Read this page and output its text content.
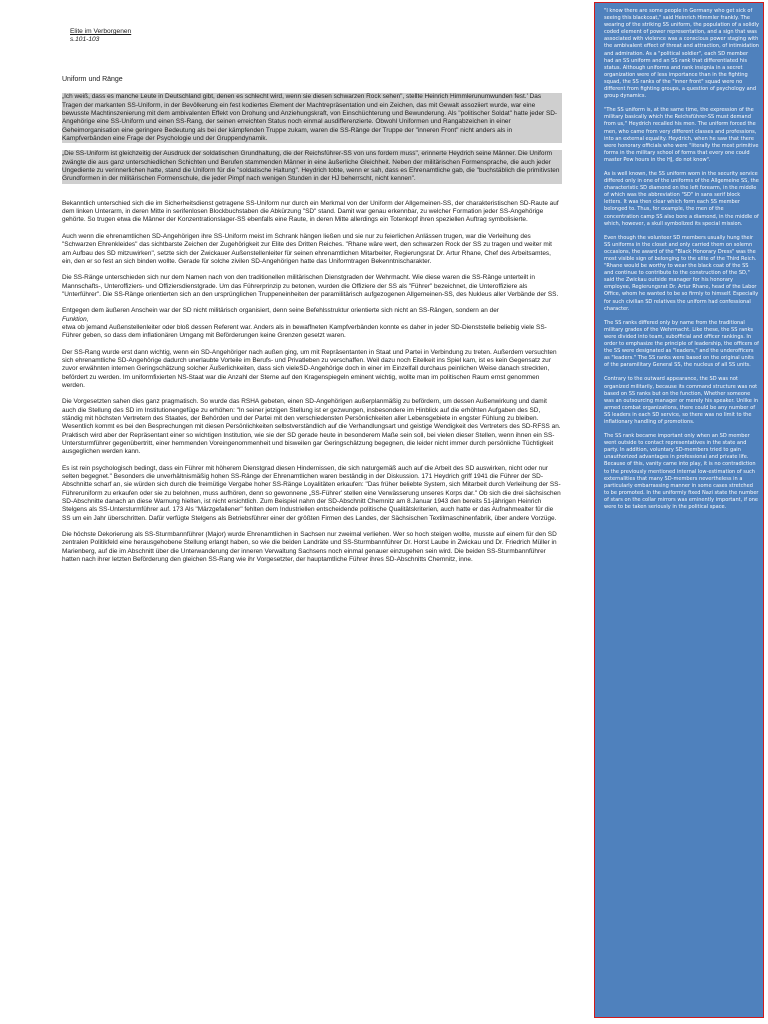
Elite im Verborgenen
s.101-103
Uniform und Ränge
„Ich weiß, dass es manche Leute in Deutschland gibt, denen es schlecht wird, wenn sie diesen schwarzen Rock sehen", stellte Heinrich Himmlerunumwunden fest.' Das Tragen der markanten SS-Uniform, in der Bevölkerung ein fest kodiertes Element der Machtrepräsentation und ein Zeichen, das mit Gewalt assoziiert wurde, war eine bewusste Machtinszenierung mit dem ambivalenten Effekt von Drohung und Anziehungskraft, von Einschüchterung und Bewunderung. Als "politischer Soldat" hatte jeder SD-Angehörige eine SS-Uniform und einen SS-Rang, der seinen erreichten Status noch einmal ausdifferenzierte. Obwohl Uniformen und Rangabzeichen in einer Geheimorganisation eine geringere Bedeutung als bei der kämpfenden Truppe zukam, waren die SS-Ränge der Truppe der "inneren Front" nicht anders als in Kampfverbänden eine Frage der Psychologie und der Gruppendynamik.
„Die SS-Uniform ist gleichzeitig der Ausdruck der soldatischen Grundhaltung, die der Reichsführer-SS von uns fordern muss", erinnerte Heydrich seine Männer. Die Uniform zwängte die aus ganz unterschiedlichen Schichten und Berufen stammenden Männer in eine äußerliche Gleichheit. Neben der militärischen Formensprache, die auch jeder Ungediente zu verinnerlichen hatte, stand die Uniform für die "soldatische Haltung". Heydrich tobte, wenn er sah, dass es Ehrenamtliche gab, die "buchstäblich die primitivsten Grundformen in der militärischen Formenschule, die jeder Pimpf nach wenigen Stunden in der HJ beherrscht, nicht kennen".

Bekanntlich unterschied sich die im Sicherheitsdienst getragene SS-Uniform nur durch ein Merkmal von der Uniform der Allgemeinen-SS, der charakteristischen SD-Raute auf dem linken Unterarm, in deren Mitte in serifenlosen Blockbuchstaben die Abkürzung "SD" stand. Damit war genau erkennbar, zu welcher Formation jeder SS-Angehörige gehörte. So trugen etwa die Männer der Konzentrationslager-SS ebenfalls eine Raute, in deren Mitte allerdings ein Totenkopf ihren speziellen Auftrag symbolisierte.

Auch wenn die ehrenamtlichen SD-Angehörigen ihre SS-Uniform meist im Schrank hängen ließen und sie nur zu feierlichen Anlässen trugen, war die Verleihung des "Schwarzen Ehrenkleides" das sichtbarste Zeichen der Zugehörigkeit zur Elite des Dritten Reiches. "Rhane wäre wert, den schwarzen Rock der SS zu tragen und weiter mit am Aufbau des SD mitzuwirken", setzte sich der Zwickauer Außenstellenleiter für seinen ehrenamtlichen Mitarbeiter, Regierungsrat Dr. Artur Rhane, Chef des Arbeitsamtes, ein, den er so fest an sich binden wollte. Gerade für solche zivilen SD-Angehörigen hatte das Uniformtragen Bekenntnischarakter.

Die SS-Ränge unterschieden sich nur dem Namen nach von den traditionellen militärischen Dienstgraden der Wehrmacht. Wie diese waren die SS-Ränge unterteilt in Mannschafts-, Unteroffiziers- und Offiziersdienstgrade. Um das Führerprinzip zu betonen, wurden die Offiziere der SS als "Führer" bezeichnet, die Unteroffiziere als "Unterführer". Die SS-Ränge orientierten sich an den ursprünglichen Truppeneinheiten der paramilitärisch aufgezogenen Allgemeinen-SS, des Nukleus aller Verbände der SS.

Entgegen dem äußeren Anschein war der SD nicht militärisch organisiert, denn seine Befehlsstruktur orientierte sich nicht an SS-Rängen, sondern an der
Funktion,
etwa ob jemand Außenstellenleiter oder bloß dessen Referent war. Anders als in bewaffneten Kampfverbänden konnte es daher in jeder SD-Dienststelle beliebig viele SS-Führer geben, so dass dem inflationären Umgang mit Beförderungen keine Grenzen gesetzt waren.

Der SS-Rang wurde erst dann wichtig, wenn ein SD-Angehöriger nach außen ging, um mit Repräsentanten in Staat und Partei in Verbindung zu treten. Außerdem versuchten sich ehrenamtliche SD-Angehörige dadurch unerlaubte Vorteile im Berufs- und Privatleben zu verschaffen. Weil dazu noch Eitelkeit ins Spiel kam, ist es kein Gegensatz zur zuvor erwähnten internen Geringschätzung solcher Äußerlichkeiten, dass sich vieleSD-Angehörige doch in einer im Einzelfall durchaus peinlichen Weise danach streckten, befördert zu werden. Im uniformfixierten NS-Staat war die Anzahl der Sterne auf den Kragenspiegeln eminent wichtig, wollte man im politischen Raum ernst genommen werden.

Die Vorgesetzten sahen dies ganz pragmatisch. So wurde das RSHA gebeten, einen SD-Angehörigen außerplanmäßig zu befördern, um dessen Außenwirkung und damit auch die Stellung des SD im Institutionengefüge zu erhöhen: "In seiner jetzigen Stellung ist er gezwungen, insbesondere im Hinblick auf die erhöhten Aufgaben des SD, ständig mit höchsten Vertretern des Staates, der Behörden und der Partei mit den verschiedensten Persönlichkeiten aller Lebensgebiete in engster Fühlung zu bleiben. Wesentlich kommt es bei den Besprechungen mit diesen Persönlichkeiten selbstverständlich auf die Verhandlungsart und geistige Wendigkeit des Vertreters des SD-RFSS an. Praktisch wird aber der Repräsentant einer so wichtigen Institution, wie sie der SD gerade heute in besonderem Maße sein soll, bei vielen dieser Stellen, wenn ihnen ein SS-Untersturmführer gegenübertritt, einer hemmenden Voreingenommenheit und bisweilen gar Geringschätzung begegnen, die leider nicht immer durch persönliche Tüchtigkeit ausgeglichen werden kann.

Es ist rein psychologisch bedingt, dass ein Führer mit höherem Dienstgrad diesen Hindernissen, die sich naturgemäß auch auf die Arbeit des SD auswirken, nicht oder nur selten begegnet." Besonders die unverhältnismäßig hohen SS-Ränge der Ehrenamtlichen waren beständig in der Diskussion. 171 Heydrich griff 1941 die Führer der SD-Abschnitte scharf an, sie würden sich durch die freimütige Vergabe hoher SS-Ränge Loyalitäten erkaufen: "Das früher beliebte System, sich Mitarbeit durch Verleihung der SS-Führeruniform zu erkaufen oder sie zu belohnen, muss aufhören, denn so gewonnene „SS-Führer' stellen eine Verwässerung unseres Korps dar." Ob sich die drei sächsischen SD-Abschnitte danach an diese Warnung hielten, ist nicht ersichtlich. Zum Beispiel nahm der SD-Abschnitt Chemnitz am 8.Januar 1943 den bereits 51-jährigen Heinrich Stelgens als SS-Untersturmführer auf. 173 Als "Märzgefallener" fehlten dem Industriellen entscheidende politische Qualitätskriterien, auch hatte er das Aufnahmealter für die SS um ein Jahr überschritten. Dafür verfügte Stelgens als Betriebsführer einer der größten Firmen des Landes, der Sächsischen Textilmaschinenfabrik, über andere Vorzüge.

Die höchste Dekorierung als SS-Sturmbannführer (Major) wurde Ehrenamtlichen in Sachsen nur zweimal verliehen. Wer so hoch steigen wollte, musste auf einem für den SD zentralen Politikfeld eine herausgehobene Stellung erlangt haben, so wie die beiden Landräte und SS-Sturmbannführer Dr. Horst Laube in Zwickau und Dr. Friedrich Müller in Marienberg, auf die im Abschnitt über die Unterwanderung der inneren Verwaltung Sachsens noch einmal genauer einzugehen sein wird. Die beiden SS-Sturmbannführer hatten nach ihrer letzten Beförderung den gleichen SS-Rang wie ihr Vorgesetzter, der hauptamtliche Führer ihres SD-Abschnitts Chemnitz, inne.

"I know there are some people in Germany who get sick of seeing this blackcoat," said Heinrich Himmler frankly. The wearing of the striking SS uniform, the population of a solidly coded element of power representation, and a sign that was associated with violence was a conscious power staging with the ambivalent effect of threat and attraction, of intimidation and admiration. As a "political soldier", each SD member had an SS uniform and an SS rank that differentiated his status. Although uniforms and rank insignia in a secret organization were of less importance than in the fighting squad, the SS ranks of the "inner front" squad were no different from fighting groups, a question of psychology and group dynamics.

"The SS uniform is, at the same time, the expression of the military basically which the Reichsführer-SS must demand from us," Heydrich recalled his men. The uniform forced the men, who came from very different classes and professions, into an external equality. Heydrich, when he saw that there were honorary officials who were "literally the most primitive forms in the military school of forms that every one could master Pew hours in the HJ, do not know".

As is well known, the SS uniform worn in the security service differed only in one of the uniforms of the Allgemeine SS, the characteristic SD diamond on the left forearm, in the middle of which was the abbreviation "SD" in sans serif block letters. It was then clear which form each SS member belonged to. Thus, for example, the men of the concentration camp SS also bore a diamond, in the middle of which, however, a skull symbolized its special mission.

Even though the volunteer SD members usually hung their SS uniforms in the closet and only carried them on solemn occasions, the award of the "Black Honorary Dress" was the most visible sign of belonging to the elite of the Third Reich. "Rhane would be worthy to wear the black coat of the SS and continue to contribute to the construction of the SD," said the Zwickau outside manager for his honorary employee, Regierungsrat Dr. Artur Rhane, head of the Labor Office, whom he wanted to be so firmly to himself. Especially for such civilian SD relatives the uniform had confessional character.

The SS ranks differed only by name from the traditional military grades of the Wehrmacht. Like these, the SS ranks were divided into team, subofficial and officer rankings. In order to emphasize the principle of leadership, the officers of the SS were designated as "leaders," and the underofficers as "leaders." The SS ranks were based on the original units of the paramilitary General SS, the nucleus of all SS units.

Contrary to the outward appearance, the SD was not organized militarily, because its command structure was not based on SS ranks but on the function, Whether someone was an outsourcing manager or merely his speaker. Unlike in armed combat organizations, there could be any number of SS leaders in each SD service, so there was no limit to the inflationary handling of promotions.

The SS rank became important only when an SD member went outside to contact representatives in the state and party. In addition, voluntary SD-members tried to gain unauthorized advantages in professional and private life. Because of this, vanity came into play, it is no contradiction to the previously mentioned internal low-estimation of such externalities that many SD-members nevertheless in a particularly embarrassing manner in some cases stretched to be promoted. In the uniformly fixed Nazi state the number of stars on the collar mirrors was eminently important, if one were to be taken seriously in the political space.
